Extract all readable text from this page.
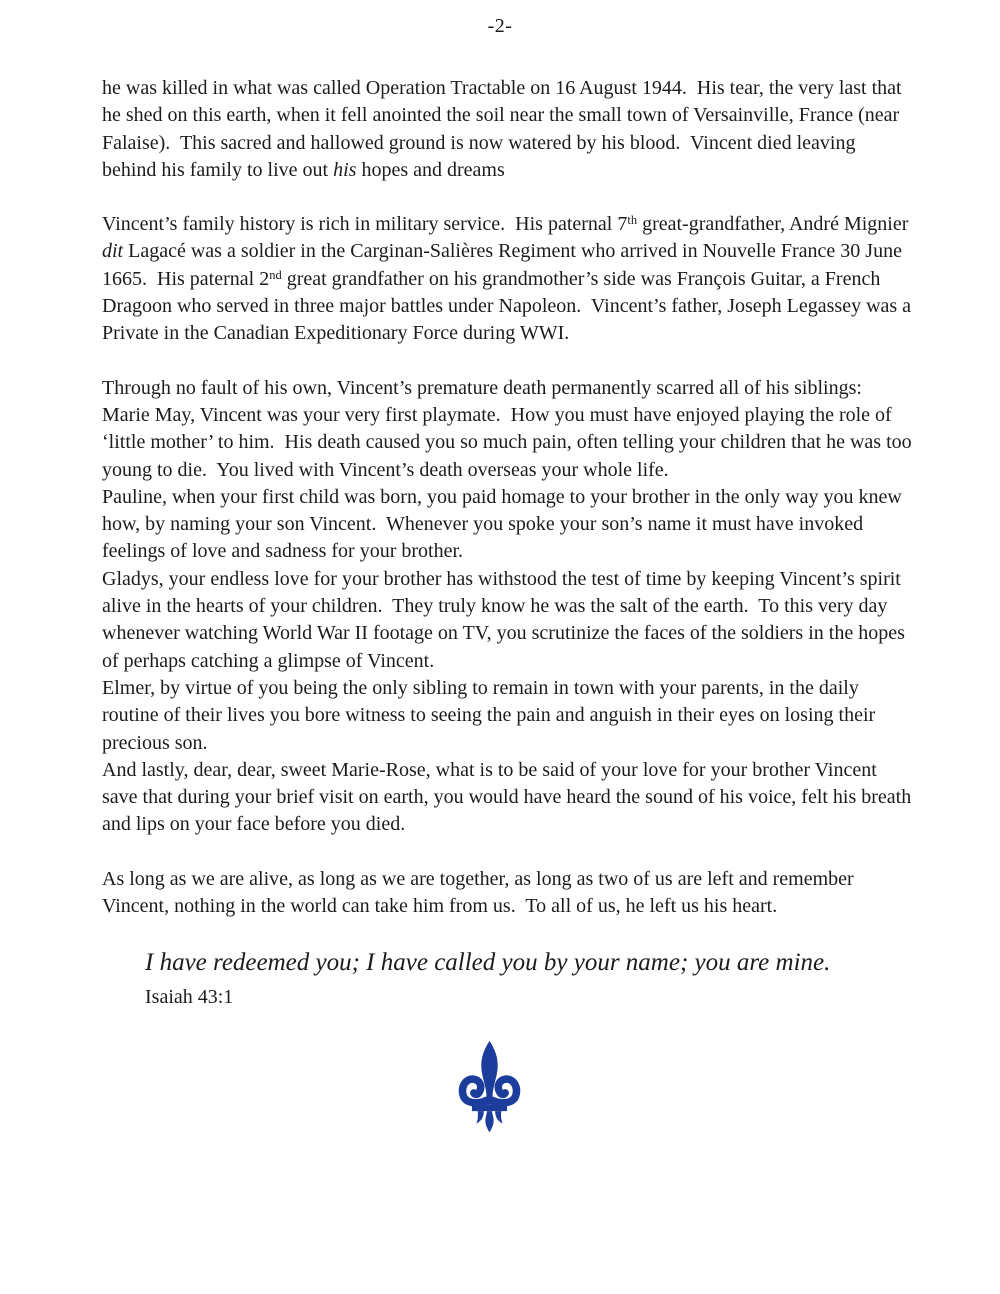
-2-

he was killed in what was called Operation Tractable on 16 August 1944.  His tear, the very last that he shed on this earth, when it fell anointed the soil near the small town of Versainville, France (near Falaise).  This sacred and hallowed ground is now watered by his blood.  Vincent died leaving behind his family to live out his hopes and dreams

Vincent’s family history is rich in military service.  His paternal 7th great-grandfather, André Mignier dit Lagacé was a soldier in the Carginan-Salières Regiment who arrived in Nouvelle France 30 June 1665.  His paternal 2nd great grandfather on his grandmother’s side was François Guitar, a French Dragoon who served in three major battles under Napoleon.  Vincent’s father, Joseph Legassey was a Private in the Canadian Expeditionary Force during WWI.

Through no fault of his own, Vincent’s premature death permanently scarred all of his siblings:

Marie May, Vincent was your very first playmate.  How you must have enjoyed playing the role of ‘little mother’ to him.  His death caused you so much pain, often telling your children that he was too young to die.  You lived with Vincent’s death overseas your whole life.

Pauline, when your first child was born, you paid homage to your brother in the only way you knew how, by naming your son Vincent.  Whenever you spoke your son’s name it must have invoked feelings of love and sadness for your brother.

Gladys, your endless love for your brother has withstood the test of time by keeping Vincent’s spirit alive in the hearts of your children.  They truly know he was the salt of the earth.  To this very day whenever watching World War II footage on TV, you scrutinize the faces of the soldiers in the hopes of perhaps catching a glimpse of Vincent.

Elmer, by virtue of you being the only sibling to remain in town with your parents, in the daily routine of their lives you bore witness to seeing the pain and anguish in their eyes on losing their precious son.

And lastly, dear, dear, sweet Marie-Rose, what is to be said of your love for your brother Vincent save that during your brief visit on earth, you would have heard the sound of his voice, felt his breath and lips on your face before you died.

As long as we are alive, as long as we are together, as long as two of us are left and remember Vincent, nothing in the world can take him from us.  To all of us, he left us his heart.

I have redeemed you; I have called you by your name; you are mine.
Isaiah 43:1
